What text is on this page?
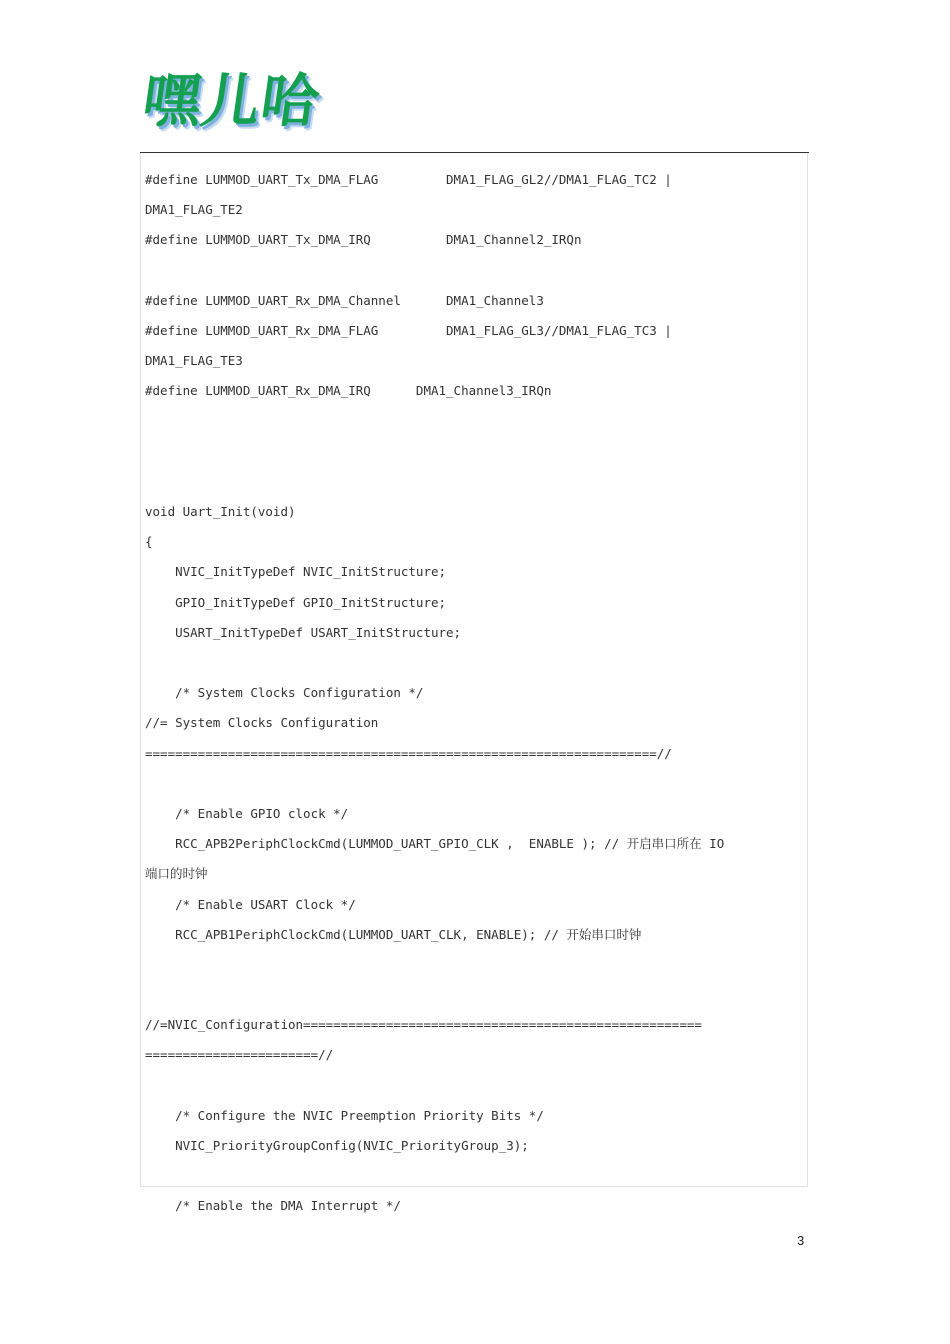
嘿儿哈
#define LUMMOD_UART_Tx_DMA_FLAG         DMA1_FLAG_GL2//DMA1_FLAG_TC2 |
DMA1_FLAG_TE2
#define LUMMOD_UART_Tx_DMA_IRQ          DMA1_Channel2_IRQn
#define LUMMOD_UART_Rx_DMA_Channel      DMA1_Channel3
#define LUMMOD_UART_Rx_DMA_FLAG         DMA1_FLAG_GL3//DMA1_FLAG_TC3 |
DMA1_FLAG_TE3
#define LUMMOD_UART_Rx_DMA_IRQ      DMA1_Channel3_IRQn
void Uart_Init(void)
{
NVIC_InitTypeDef NVIC_InitStructure;
GPIO_InitTypeDef GPIO_InitStructure;
USART_InitTypeDef USART_InitStructure;
/* System Clocks Configuration */
//= System Clocks Configuration
====================================================================//
/* Enable GPIO clock */
RCC_APB2PeriphClockCmd(LUMMOD_UART_GPIO_CLK ,  ENABLE ); // 开启串口所在 IO
端口的时钟
/* Enable USART Clock */
RCC_APB1PeriphClockCmd(LUMMOD_UART_CLK, ENABLE); // 开始串口时钟
//=NVIC_Configuration=====================================================
=======================//
/* Configure the NVIC Preemption Priority Bits */
NVIC_PriorityGroupConfig(NVIC_PriorityGroup_3);
/* Enable the DMA Interrupt */
3
